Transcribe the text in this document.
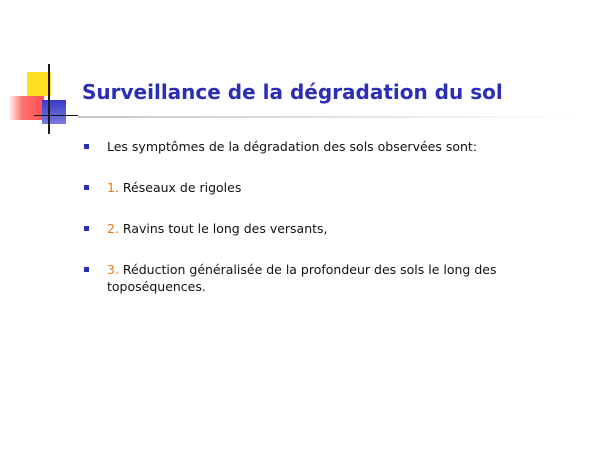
Surveillance de la dégradation du sol
Les symptômes de la dégradation des sols observées sont:
1. Réseaux de rigoles
2. Ravins tout le long des versants,
3. Réduction généralisée de la profondeur des sols le long des toposéquences.
